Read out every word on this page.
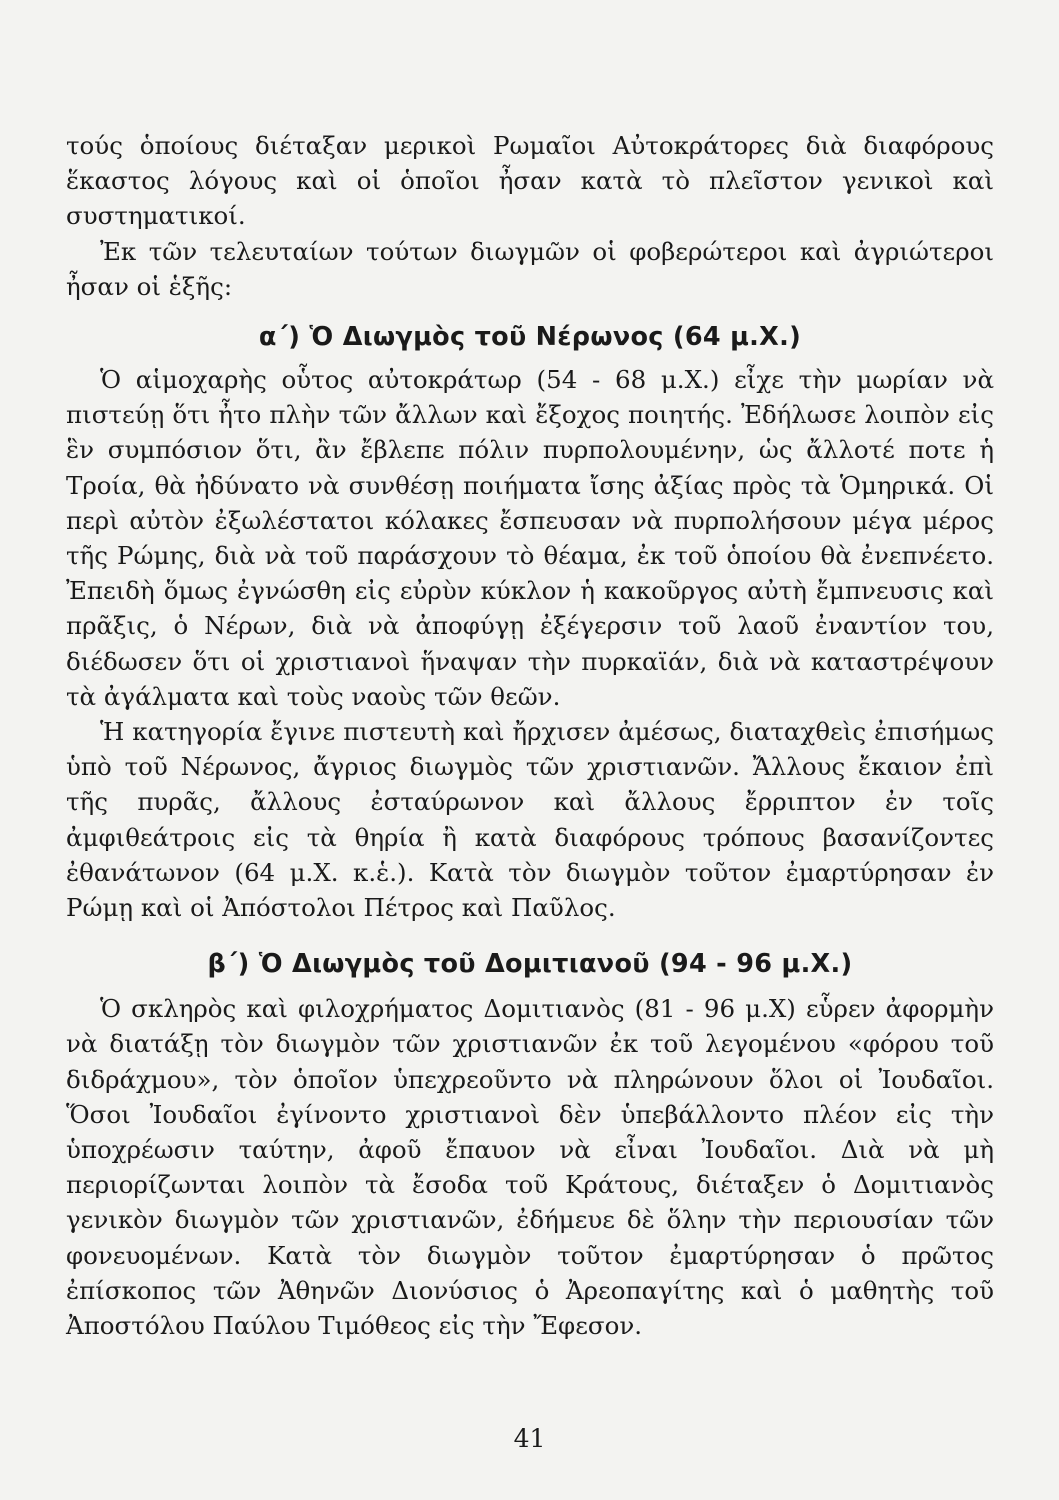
τούς ὁποίους διέταξαν μερικοὶ Ρωμαῖοι Αὐτοκράτορες διὰ διαφόρους ἕκαστος λόγους καὶ οἱ ὁποῖοι ἦσαν κατὰ τὸ πλεῖστον γενικοὶ καὶ συστηματικοί.

Ἐκ τῶν τελευταίων τούτων διωγμῶν οἱ φοβερώτεροι καὶ ἀγριώτεροι ἦσαν οἱ ἑξῆς:

α΄) Ὁ Διωγμὸς τοῦ Νέρωνος (64 μ.Χ.)

Ὁ αἱμοχαρὴς οὗτος αὐτοκράτωρ (54 - 68 μ.Χ.) εἶχε τὴν μωρίαν νὰ πιστεύῃ ὅτι ἦτο πλὴν τῶν ἄλλων καὶ ἔξοχος ποιητής. Ἐδήλωσε λοιπὸν εἰς ἓν συμπόσιον ὅτι, ἂν ἔβλεπε πόλιν πυρπολουμένην, ὡς ἄλλοτέ ποτε ἡ Τροία, θὰ ἠδύνατο νὰ συνθέσῃ ποιήματα ἴσης ἀξίας πρὸς τὰ Ὁμηρικά. Οἱ περὶ αὐτὸν ἐξωλέστατοι κόλακες ἔσπευσαν νὰ πυρπολήσουν μέγα μέρος τῆς Ρώμης, διὰ νὰ τοῦ παράσχουν τὸ θέαμα, ἐκ τοῦ ὁποίου θὰ ἐνεπνέετο. Ἐπειδὴ ὅμως ἐγνώσθη εἰς εὐρὺν κύκλον ἡ κακοῦργος αὐτὴ ἔμπνευσις καὶ πρᾶξις, ὁ Νέρων, διὰ νὰ ἀποφύγῃ ἐξέγερσιν τοῦ λαοῦ ἐναντίον του, διέδωσεν ὅτι οἱ χριστιανοὶ ἥναψαν τὴν πυρκαϊάν, διὰ νὰ καταστρέψουν τὰ ἀγάλματα καὶ τοὺς ναοὺς τῶν θεῶν.

Ἡ κατηγορία ἔγινε πιστευτὴ καὶ ἤρχισεν ἀμέσως, διαταχθεὶς ἐπισήμως ὑπὸ τοῦ Νέρωνος, ἄγριος διωγμὸς τῶν χριστιανῶν. Ἄλλους ἔκαιον ἐπὶ τῆς πυρᾶς, ἄλλους ἐσταύρωνον καὶ ἄλλους ἔρριπτον ἐν τοῖς ἀμφιθεάτροις εἰς τὰ θηρία ἢ κατὰ διαφόρους τρόπους βασανίζοντες ἐθανάτωνον (64 μ.Χ. κ.ἑ.). Κατὰ τὸν διωγμὸν τοῦτον ἐμαρτύρησαν ἐν Ρώμῃ καὶ οἱ Ἀπόστολοι Πέτρος καὶ Παῦλος.

β΄) Ὁ Διωγμὸς τοῦ Δομιτιανοῦ (94 - 96 μ.Χ.)

Ὁ σκληρὸς καὶ φιλοχρήματος Δομιτιανὸς (81 - 96 μ.Χ) εὗρεν ἀφορμὴν νὰ διατάξῃ τὸν διωγμὸν τῶν χριστιανῶν ἐκ τοῦ λεγομένου «φόρου τοῦ διδράχμου», τὸν ὁποῖον ὑπεχρεοῦντο νὰ πληρώνουν ὅλοι οἱ Ἰουδαῖοι. Ὅσοι Ἰουδαῖοι ἐγίνοντο χριστιανοὶ δὲν ὑπεβάλλοντο πλέον εἰς τὴν ὑποχρέωσιν ταύτην, ἀφοῦ ἔπαυον νὰ εἶναι Ἰουδαῖοι. Διὰ νὰ μὴ περιορίζωνται λοιπὸν τὰ ἔσοδα τοῦ Κράτους, διέταξεν ὁ Δομιτιανὸς γενικὸν διωγμὸν τῶν χριστιανῶν, ἐδήμευε δὲ ὅλην τὴν περιουσίαν τῶν φονευομένων. Κατὰ τὸν διωγμὸν τοῦτον ἐμαρτύρησαν ὁ πρῶτος ἐπίσκοπος τῶν Ἀθηνῶν Διονύσιος ὁ Ἀρεοπαγίτης καὶ ὁ μαθητὴς τοῦ Ἀποστόλου Παύλου Τιμόθεος εἰς τὴν Ἔφεσον.

41
